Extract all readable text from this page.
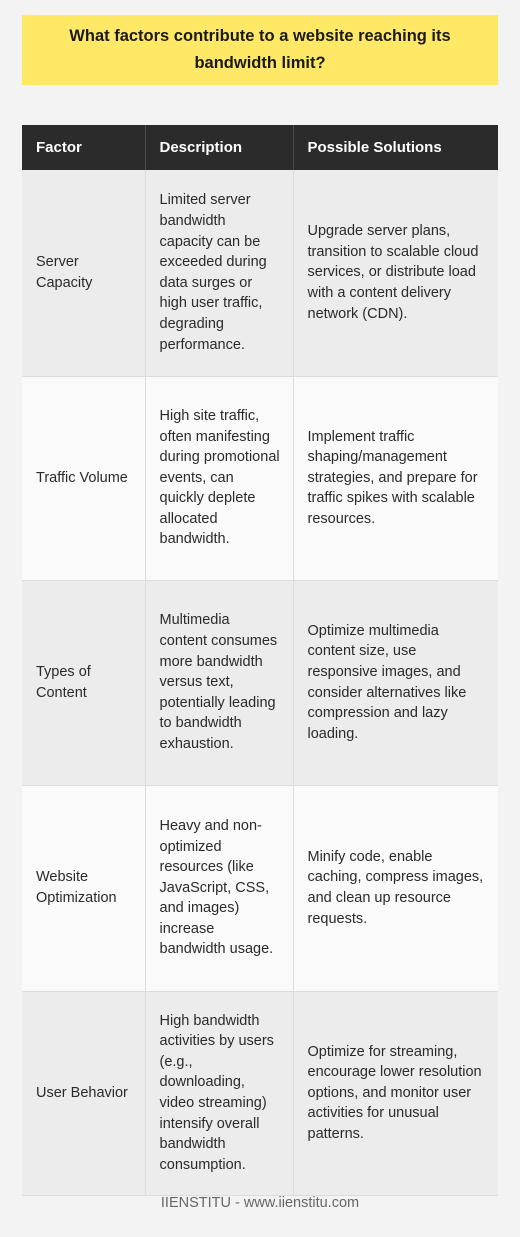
What factors contribute to a website reaching its bandwidth limit?
Factor	Description	Possible Solutions
Server Capacity	Limited server bandwidth capacity can be exceeded during data surges or high user traffic, degrading performance.	Upgrade server plans, transition to scalable cloud services, or distribute load with a content delivery network (CDN).
Traffic Volume	High site traffic, often manifesting during promotional events, can quickly deplete allocated bandwidth.	Implement traffic shaping/management strategies, and prepare for traffic spikes with scalable resources.
Types of Content	Multimedia content consumes more bandwidth versus text, potentially leading to bandwidth exhaustion.	Optimize multimedia content size, use responsive images, and consider alternatives like compression and lazy loading.
Website Optimization	Heavy and non-optimized resources (like JavaScript, CSS, and images) increase bandwidth usage.	Minify code, enable caching, compress images, and clean up resource requests.
User Behavior	High bandwidth activities by users (e.g., downloading, video streaming) intensify overall bandwidth consumption.	Optimize for streaming, encourage lower resolution options, and monitor user activities for unusual patterns.
IIENSTITU - www.iienstitu.com
